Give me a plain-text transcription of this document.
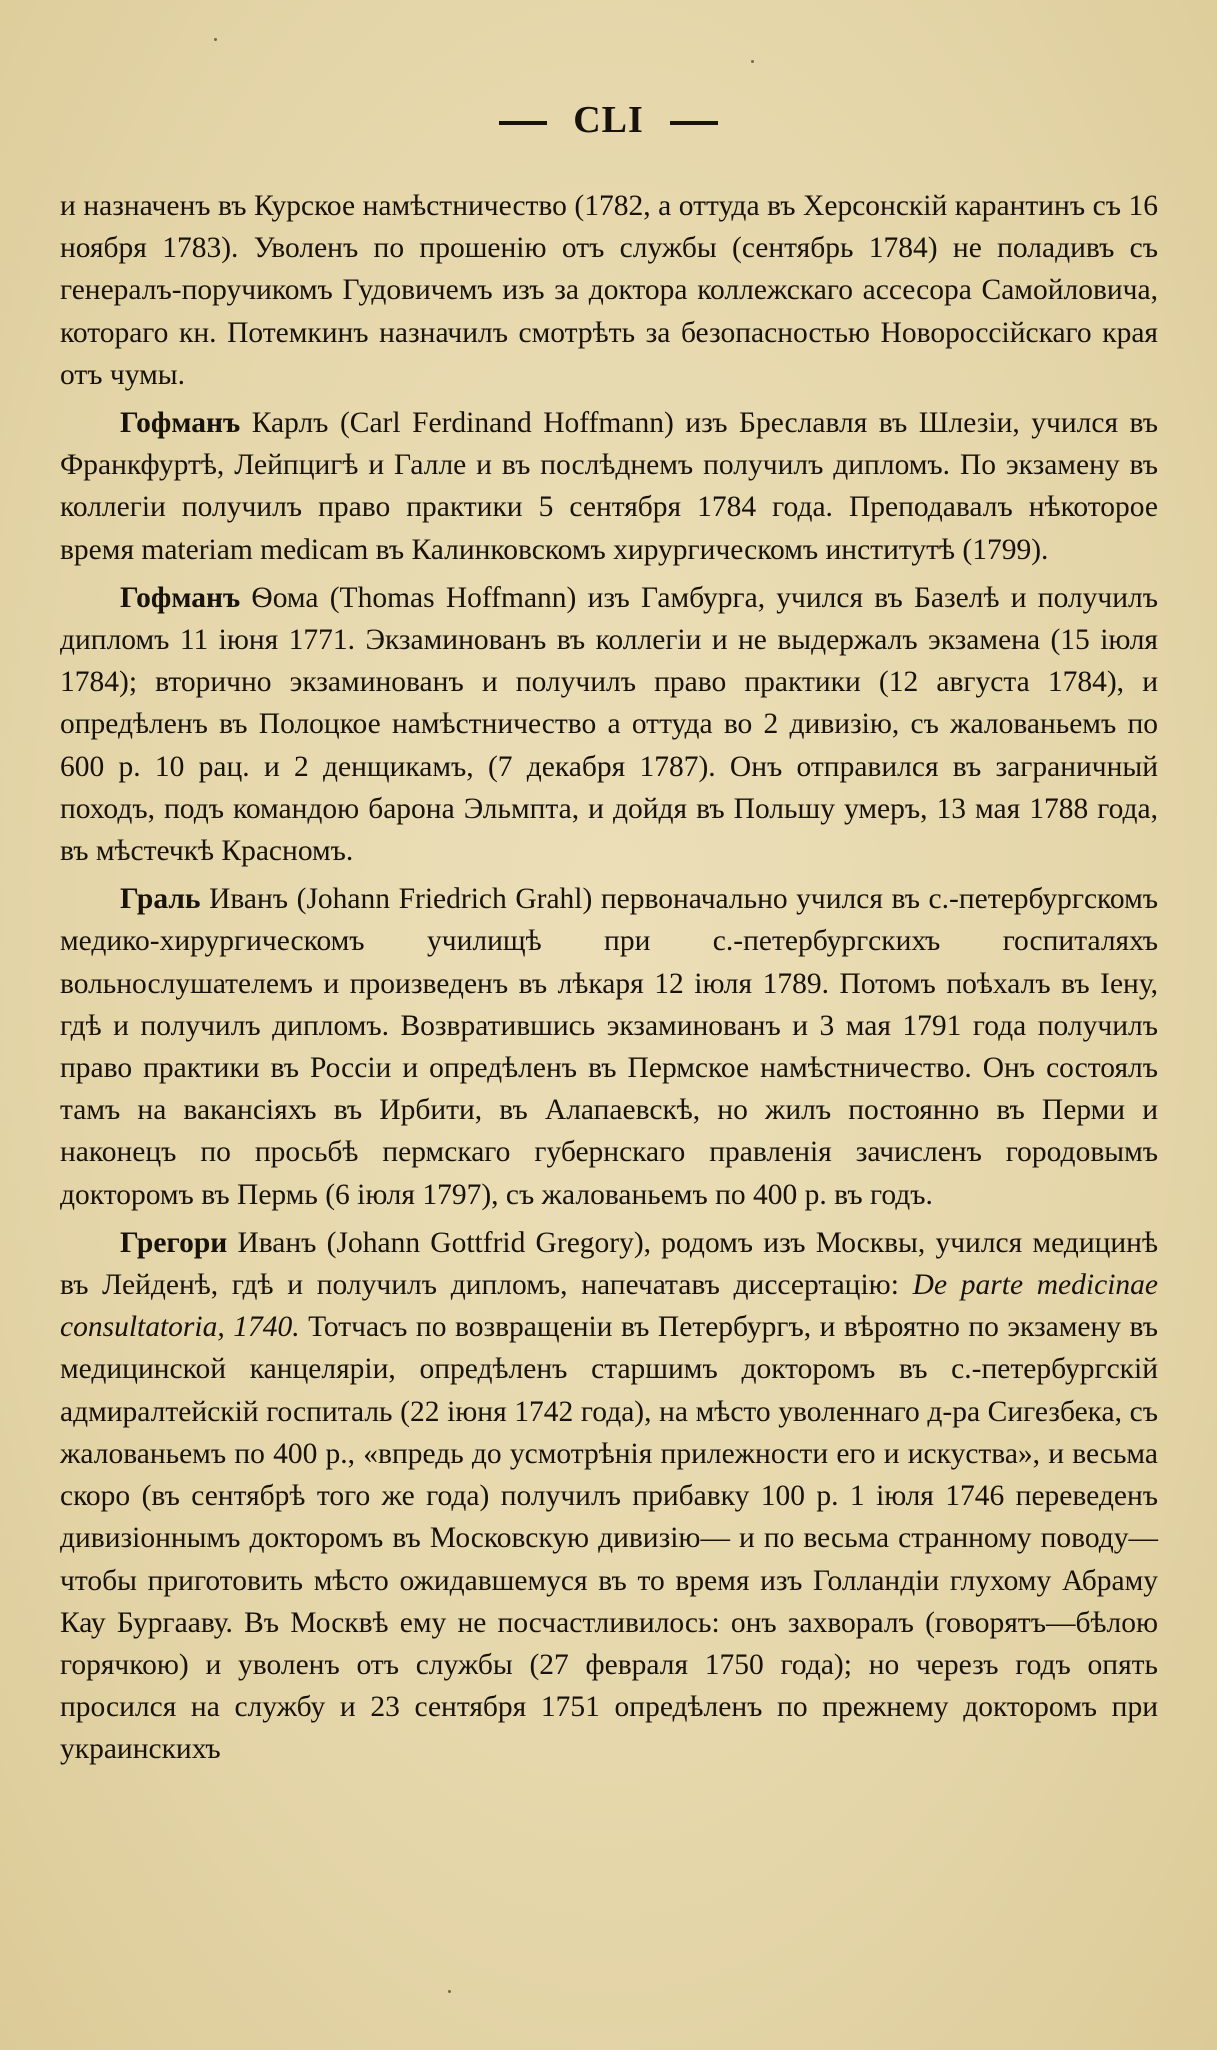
CLI

и назначенъ въ Курское намѣстничество (1782, а оттуда въ Херсонскій карантинъ съ 16 ноября 1783). Уволенъ по прошенію отъ службы (сентябрь 1784) не поладивъ съ генералъ-поручикомъ Гудовичемъ изъ за доктора коллежскаго ассесора Самойловича, котораго кн. Потемкинъ назначилъ смотрѣть за безопасностью Новороссійскаго края отъ чумы.

Гофманъ Карлъ (Carl Ferdinand Hoffmann) изъ Бреславля въ Шлезіи, учился въ Франкфуртѣ, Лейпцигѣ и Галле и въ послѣднемъ получилъ дипломъ. По экзамену въ коллегіи получилъ право практики 5 сентября 1784 года. Преподавалъ нѣкоторое время materiam medicam въ Калинковскомъ хирургическомъ институтѣ (1799).

Гофманъ Ѳома (Thomas Hoffmann) изъ Гамбурга, учился въ Базелѣ и получилъ дипломъ 11 іюня 1771. Экзаминованъ въ коллегіи и не выдержалъ экзамена (15 іюля 1784); вторично экзаминованъ и получилъ право практики (12 августа 1784), и опредѣленъ въ Полоцкое намѣстничество а оттуда во 2 дивизію, съ жалованьемъ по 600 р. 10 рац. и 2 денщикамъ, (7 декабря 1787). Онъ отправился въ заграничный походъ, подъ командою барона Эльмпта, и дойдя въ Польшу умеръ, 13 мая 1788 года, въ мѣстечкѣ Красномъ.

Граль Иванъ (Johann Friedrich Grahl) первоначально учился въ с.-петербургскомъ медико-хирургическомъ училищѣ при с.-петербургскихъ госпиталяхъ вольнослушателемъ и произведенъ въ лѣкаря 12 іюля 1789. Потомъ поѣхалъ въ Іену, гдѣ и получилъ дипломъ. Возвратившись экзаминованъ и 3 мая 1791 года получилъ право практики въ Россіи и опредѣленъ въ Пермское намѣстничество. Онъ состоялъ тамъ на вакансіяхъ въ Ирбити, въ Алапаевскѣ, но жилъ постоянно въ Перми и наконецъ по просьбѣ пермскаго губернскаго правленія зачисленъ городовымъ докторомъ въ Пермь (6 іюля 1797), съ жалованьемъ по 400 р. въ годъ.

Грегори Иванъ (Johann Gottfrid Gregory), родомъ изъ Москвы, учился медицинѣ въ Лейденѣ, гдѣ и получилъ дипломъ, напечатавъ диссертацію: De parte medicinae consultatoria, 1740. Тотчасъ по возвращеніи въ Петербургъ, и вѣроятно по экзамену въ медицинской канцеляріи, опредѣленъ старшимъ докторомъ въ с.-петербургскій адмиралтейскій госпиталь (22 іюня 1742 года), на мѣсто уволеннаго д-ра Сигезбека, съ жалованьемъ по 400 р., «впредь до усмотрѣнія прилежности его и искуства», и весьма скоро (въ сентябрѣ того же года) получилъ прибавку 100 р. 1 іюля 1746 переведенъ дивизіоннымъ докторомъ въ Московскую дивизію— и по весьма странному поводу—чтобы приготовить мѣсто ожидавшемуся въ то время изъ Голландіи глухому Абраму Кау Бургааву. Въ Москвѣ ему не посчастливилось: онъ захворалъ (говорятъ—бѣлою горячкою) и уволенъ отъ службы (27 февраля 1750 года); но черезъ годъ опять просился на службу и 23 сентября 1751 опредѣленъ по прежнему докторомъ при украинскихъ
